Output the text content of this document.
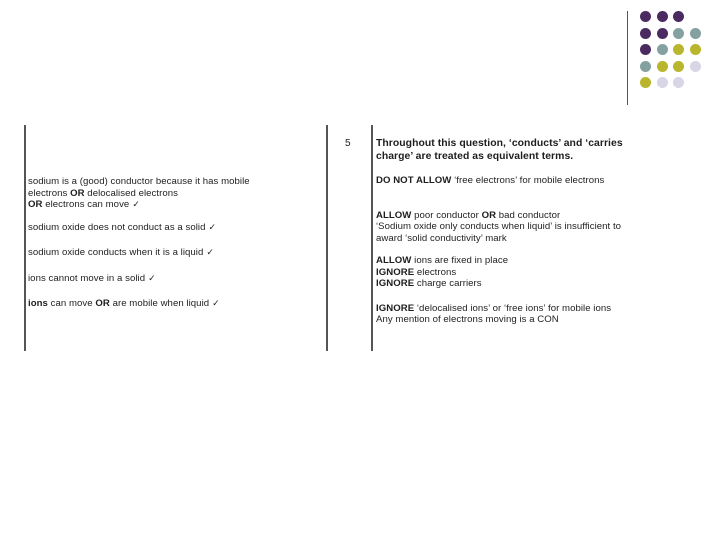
sodium is a (good) conductor because it has mobile

electrons OR delocalised electrons

OR electrons can move ✓

sodium oxide does not conduct as a solid ✓

sodium oxide conducts when it is a liquid ✓

ions cannot move in a solid ✓

ions can move OR are mobile when liquid ✓

5 Throughout this question, ‘conducts’ and ‘carries

charge’ are treated as equivalent terms.

DO NOT ALLOW ‘free electrons’ for mobile electrons

ALLOW poor conductor OR bad conductor

‘Sodium oxide only conducts when liquid’ is insufficient to

award ‘solid conductivity’ mark

ALLOW ions are fixed in place

IGNORE electrons

IGNORE charge carriers

IGNORE ‘delocalised ions’ or ‘free ions’ for mobile ions

Any mention of electrons moving is a CON
